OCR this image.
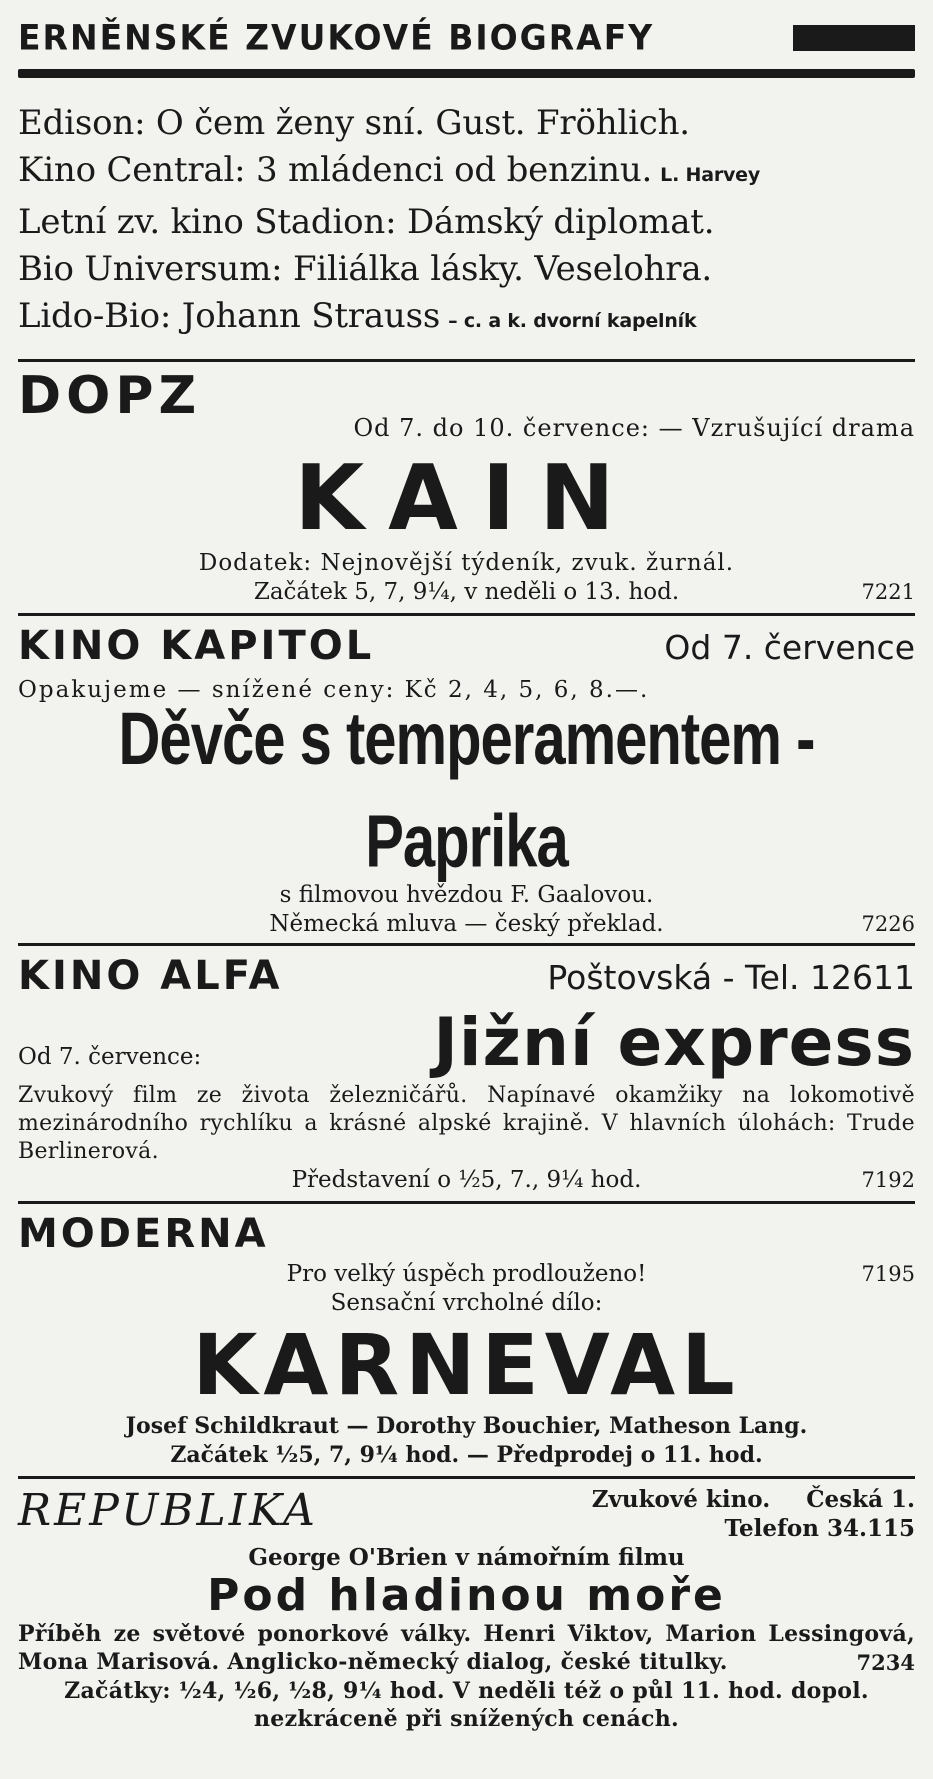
ERNĚNSKÉ ZVUKOVÉ BIOGRAFY
Edison: O čem ženy sní. Gust. Fröhlich.
Kino Central: 3 mládenci od benzinu. L. Harvey
Letní zv. kino Stadion: Dámský diplomat.
Bio Universum: Filiálka lásky. Veselohra.
Lido-Bio: Johann Strauss – c. a k. dvorní kapelník
DOPZ
Od 7. do 10. července: — Vzrušující drama
KAIN
Dodatek: Nejnovější týdeník, zvuk. žurnál.
Začátek 5, 7, 9¼, v neděli o 13. hod.	7221
KINO KAPITOL	Od 7. července
Opakujeme — snížené ceny: Kč 2, 4, 5, 6, 8.—.
Děvče s temperamentem - Paprika
s filmovou hvězdou F. Gaalovou.
Německá mluva — český překlad.	7226
KINO ALFA	Poštovská - Tel. 12611
Od 7. července:	Jižní express
Zvukový film ze života železničářů. Napínavé okamžiky na lokomotivě mezinárodního rychlíku a krásné alpské krajině. V hlavních úlohách: Trude Berlinerová.
Představení o ½5, 7., 9¼ hod.	7192
MODERNA
Pro velký úspěch prodlouženo!	7195
Sensační vrcholné dílo:
KARNEVAL
Josef Schildkraut — Dorothy Bouchier, Matheson Lang.
Začátek ½5, 7, 9¼ hod. — Předprodej o 11. hod.
REPUBLIKA	Zvukové kino. Česká 1.
Telefon 34.115
George O'Brien v námořním filmu
Pod hladinou moře
Příběh ze světové ponorkové války. Henri Viktov, Marion Lessingová, Mona Marisová. Anglicko-německý dialog, české titulky.	7234
Začátky: ½4, ½6, ½8, 9¼ hod. V neděli též o půl 11. hod. dopol. nezkráceně při snížených cenách.
